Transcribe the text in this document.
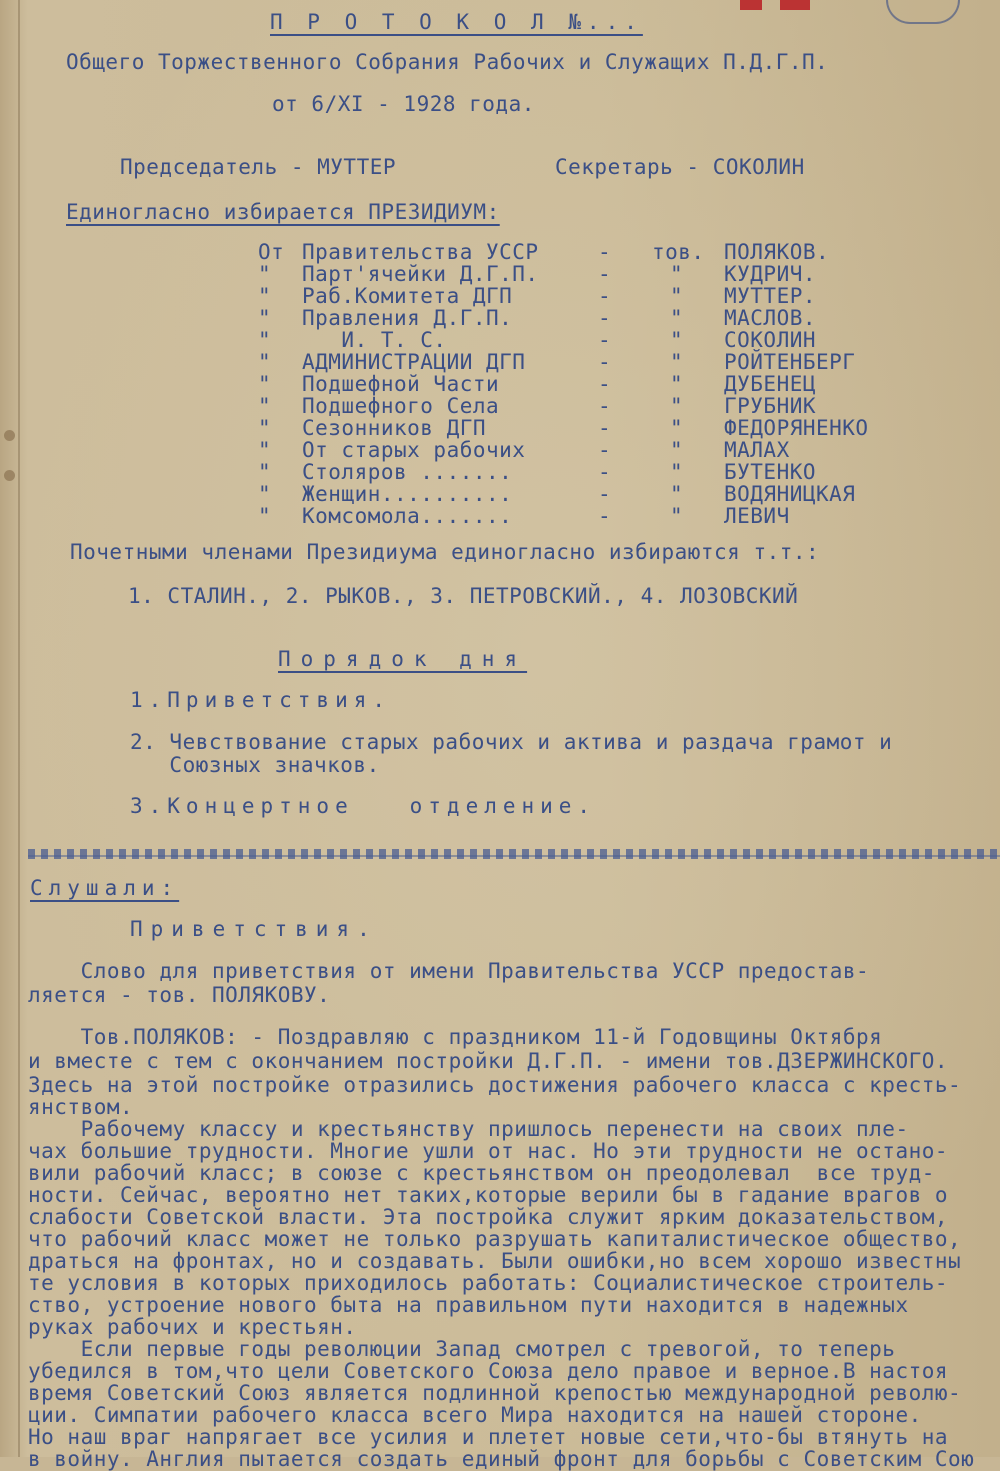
П Р О Т О К О Л №...
Общего Торжественного Собрания Рабочих и Служащих П.Д.Г.П.
от 6/XI - 1928 года.
Председатель - МУТТЕР	Секретарь - СОКОЛИН
Единогласно избирается ПРЕЗИДИУМ:
От Правительства УССР	- тов. ПОЛЯКОВ.
" Парт'ячейки Д.Г.П.	-	" КУДРИЧ.
" Раб.Комитета ДГП	-	" МУТТЕР.
" Правления Д.Г.П.	-	" МАСЛОВ.
" И. Т. С.	-	" СОКОЛИН
" АДМИНИСТРАЦИИ ДГП	-	" РОЙТЕНБЕРГ
" Подшефной Части	-	" ДУБЕНЕЦ
" Подшефного Села	-	" ГРУБНИК
" Сезонников ДГП	-	" ФЕДОРЯНЕНКО
" От старых рабочих	-	" МАЛАХ
" Столяров .......	-	" БУТЕНКО
" Женщин..........	-	" ВОДЯНИЦКАЯ
" Комсомола.......	-	" ЛЕВИЧ
Почетными членами Президиума единогласно избираются т.т.:
1. СТАЛИН., 2. РЫКОВ., 3. ПЕТРОВСКИЙ., 4. ЛОЗОВСКИЙ
Порядок дня
1.Приветствия.
2. Чевствование старых рабочих и актива и раздача грамот и
Союзных значков.
3.Концертное   отделение.
Слушали:
Приветствия.
Слово для приветствия от имени Правительства УССР предостав-
ляется - тов. ПОЛЯКОВУ.
Тов.ПОЛЯКОВ: - Поздравляю с праздником 11-й Годовщины Октября
и вместе с тем с окончанием постройки Д.Г.П. - имени тов.ДЗЕРЖИНСКОГО.
Здесь на этой постройке отразились достижения рабочего класса с кресть-
янством.
Рабочему классу и крестьянству пришлось перенести на своих пле-
чах большие трудности. Многие ушли от нас. Но эти трудности не остано-
вили рабочий класс; в союзе с крестьянством он преодолевал  все труд-
ности. Сейчас, вероятно нет таких,которые верили бы в гадание врагов о
слабости Советской власти. Эта постройка служит ярким доказательством,
что рабочий класс может не только разрушать капиталистическое общество,
драться на фронтах, но и создавать. Были ошибки,но всем хорошо известны
те условия в которых приходилось работать: Социалистическое строитель-
ство, устроение нового быта на правильном пути находится в надежных
руках рабочих и крестьян.
Если первые годы революции Запад смотрел с тревогой, то теперь
убедился в том,что цели Советского Союза дело правое и верное.В настоя
время Советский Союз является подлинной крепостью международной револю-
ции. Симпатии рабочего класса всего Мира находится на нашей стороне.
Но наш враг напрягает все усилия и плетет новые сети,что-бы втянуть на
в войну. Англия пытается создать единый фронт для борьбы с Советским Сою
